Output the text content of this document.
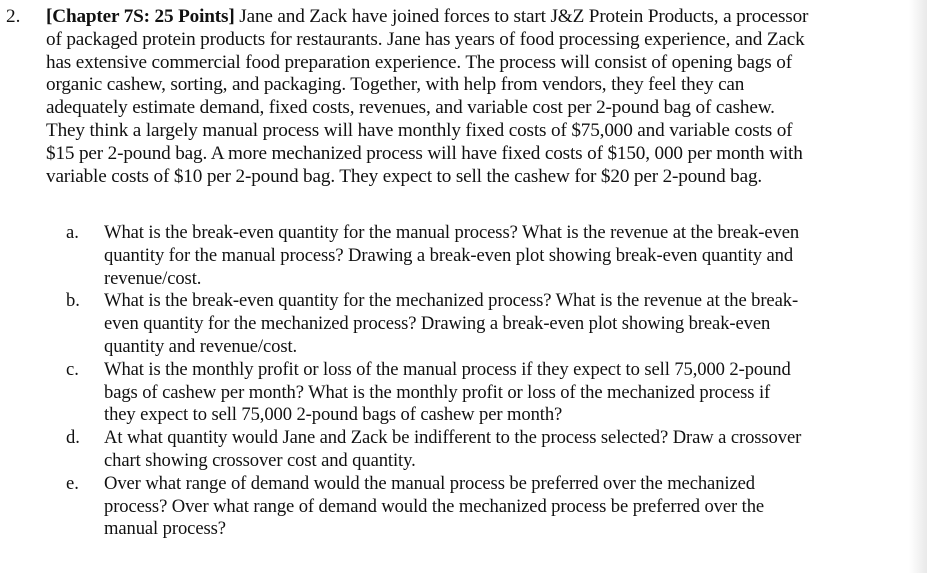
2. [Chapter 7S: 25 Points] Jane and Zack have joined forces to start J&Z Protein Products, a processor
of packaged protein products for restaurants. Jane has years of food processing experience, and Zack
has extensive commercial food preparation experience. The process will consist of opening bags of
organic cashew, sorting, and packaging. Together, with help from vendors, they feel they can
adequately estimate demand, fixed costs, revenues, and variable cost per 2-pound bag of cashew.
They think a largely manual process will have monthly fixed costs of $75,000 and variable costs of
$15 per 2-pound bag. A more mechanized process will have fixed costs of $150, 000 per month with
variable costs of $10 per 2-pound bag. They expect to sell the cashew for $20 per 2-pound bag.
a.	What is the break-even quantity for the manual process? What is the revenue at the break-even
quantity for the manual process? Drawing a break-even plot showing break-even quantity and
revenue/cost.
b.	What is the break-even quantity for the mechanized process? What is the revenue at the break-
even quantity for the mechanized process? Drawing a break-even plot showing break-even
quantity and revenue/cost.
c.	What is the monthly profit or loss of the manual process if they expect to sell 75,000 2-pound
bags of cashew per month? What is the monthly profit or loss of the mechanized process if
they expect to sell 75,000 2-pound bags of cashew per month?
d.	At what quantity would Jane and Zack be indifferent to the process selected? Draw a crossover
chart showing crossover cost and quantity.
e.	Over what range of demand would the manual process be preferred over the mechanized
process? Over what range of demand would the mechanized process be preferred over the
manual process?
